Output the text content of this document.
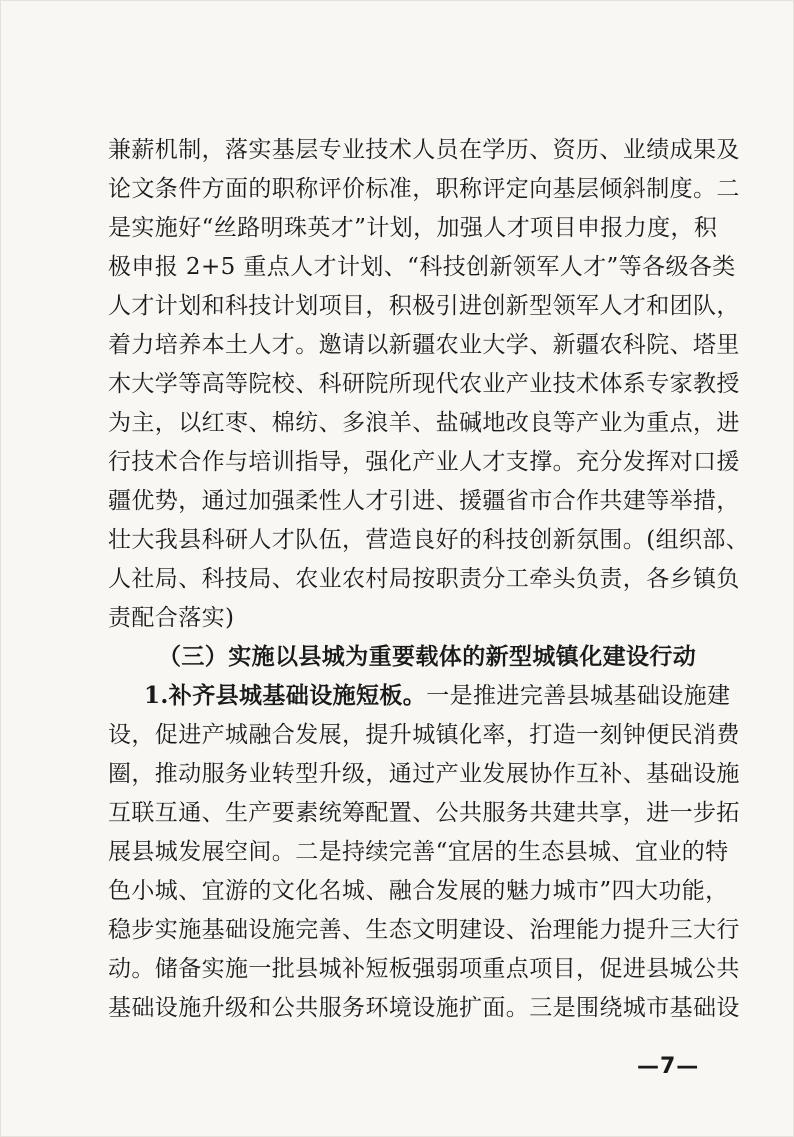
兼薪机制，落实基层专业技术人员在学历、资历、业绩成果及
论文条件方面的职称评价标准，职称评定向基层倾斜制度。二
是实施好“丝路明珠英才”计划，加强人才项目申报力度，积
极申报 2+5 重点人才计划、“科技创新领军人才”等各级各类
人才计划和科技计划项目，积极引进创新型领军人才和团队，
着力培养本土人才。邀请以新疆农业大学、新疆农科院、塔里
木大学等高等院校、科研院所现代农业产业技术体系专家教授
为主，以红枣、棉纺、多浪羊、盐碱地改良等产业为重点，进
行技术合作与培训指导，强化产业人才支撑。充分发挥对口援
疆优势，通过加强柔性人才引进、援疆省市合作共建等举措，
壮大我县科研人才队伍，营造良好的科技创新氛围。(组织部、
人社局、科技局、农业农村局按职责分工牵头负责，各乡镇负
责配合落实)
（三）实施以县城为重要载体的新型城镇化建设行动
1.补齐县城基础设施短板。一是推进完善县城基础设施建
设，促进产城融合发展，提升城镇化率，打造一刻钟便民消费
圈，推动服务业转型升级，通过产业发展协作互补、基础设施
互联互通、生产要素统筹配置、公共服务共建共享，进一步拓
展县城发展空间。二是持续完善“宜居的生态县城、宜业的特
色小城、宜游的文化名城、融合发展的魅力城市”四大功能，
稳步实施基础设施完善、生态文明建设、治理能力提升三大行
动。储备实施一批县城补短板强弱项重点项目，促进县城公共
基础设施升级和公共服务环境设施扩面。三是围绕城市基础设
—7—
